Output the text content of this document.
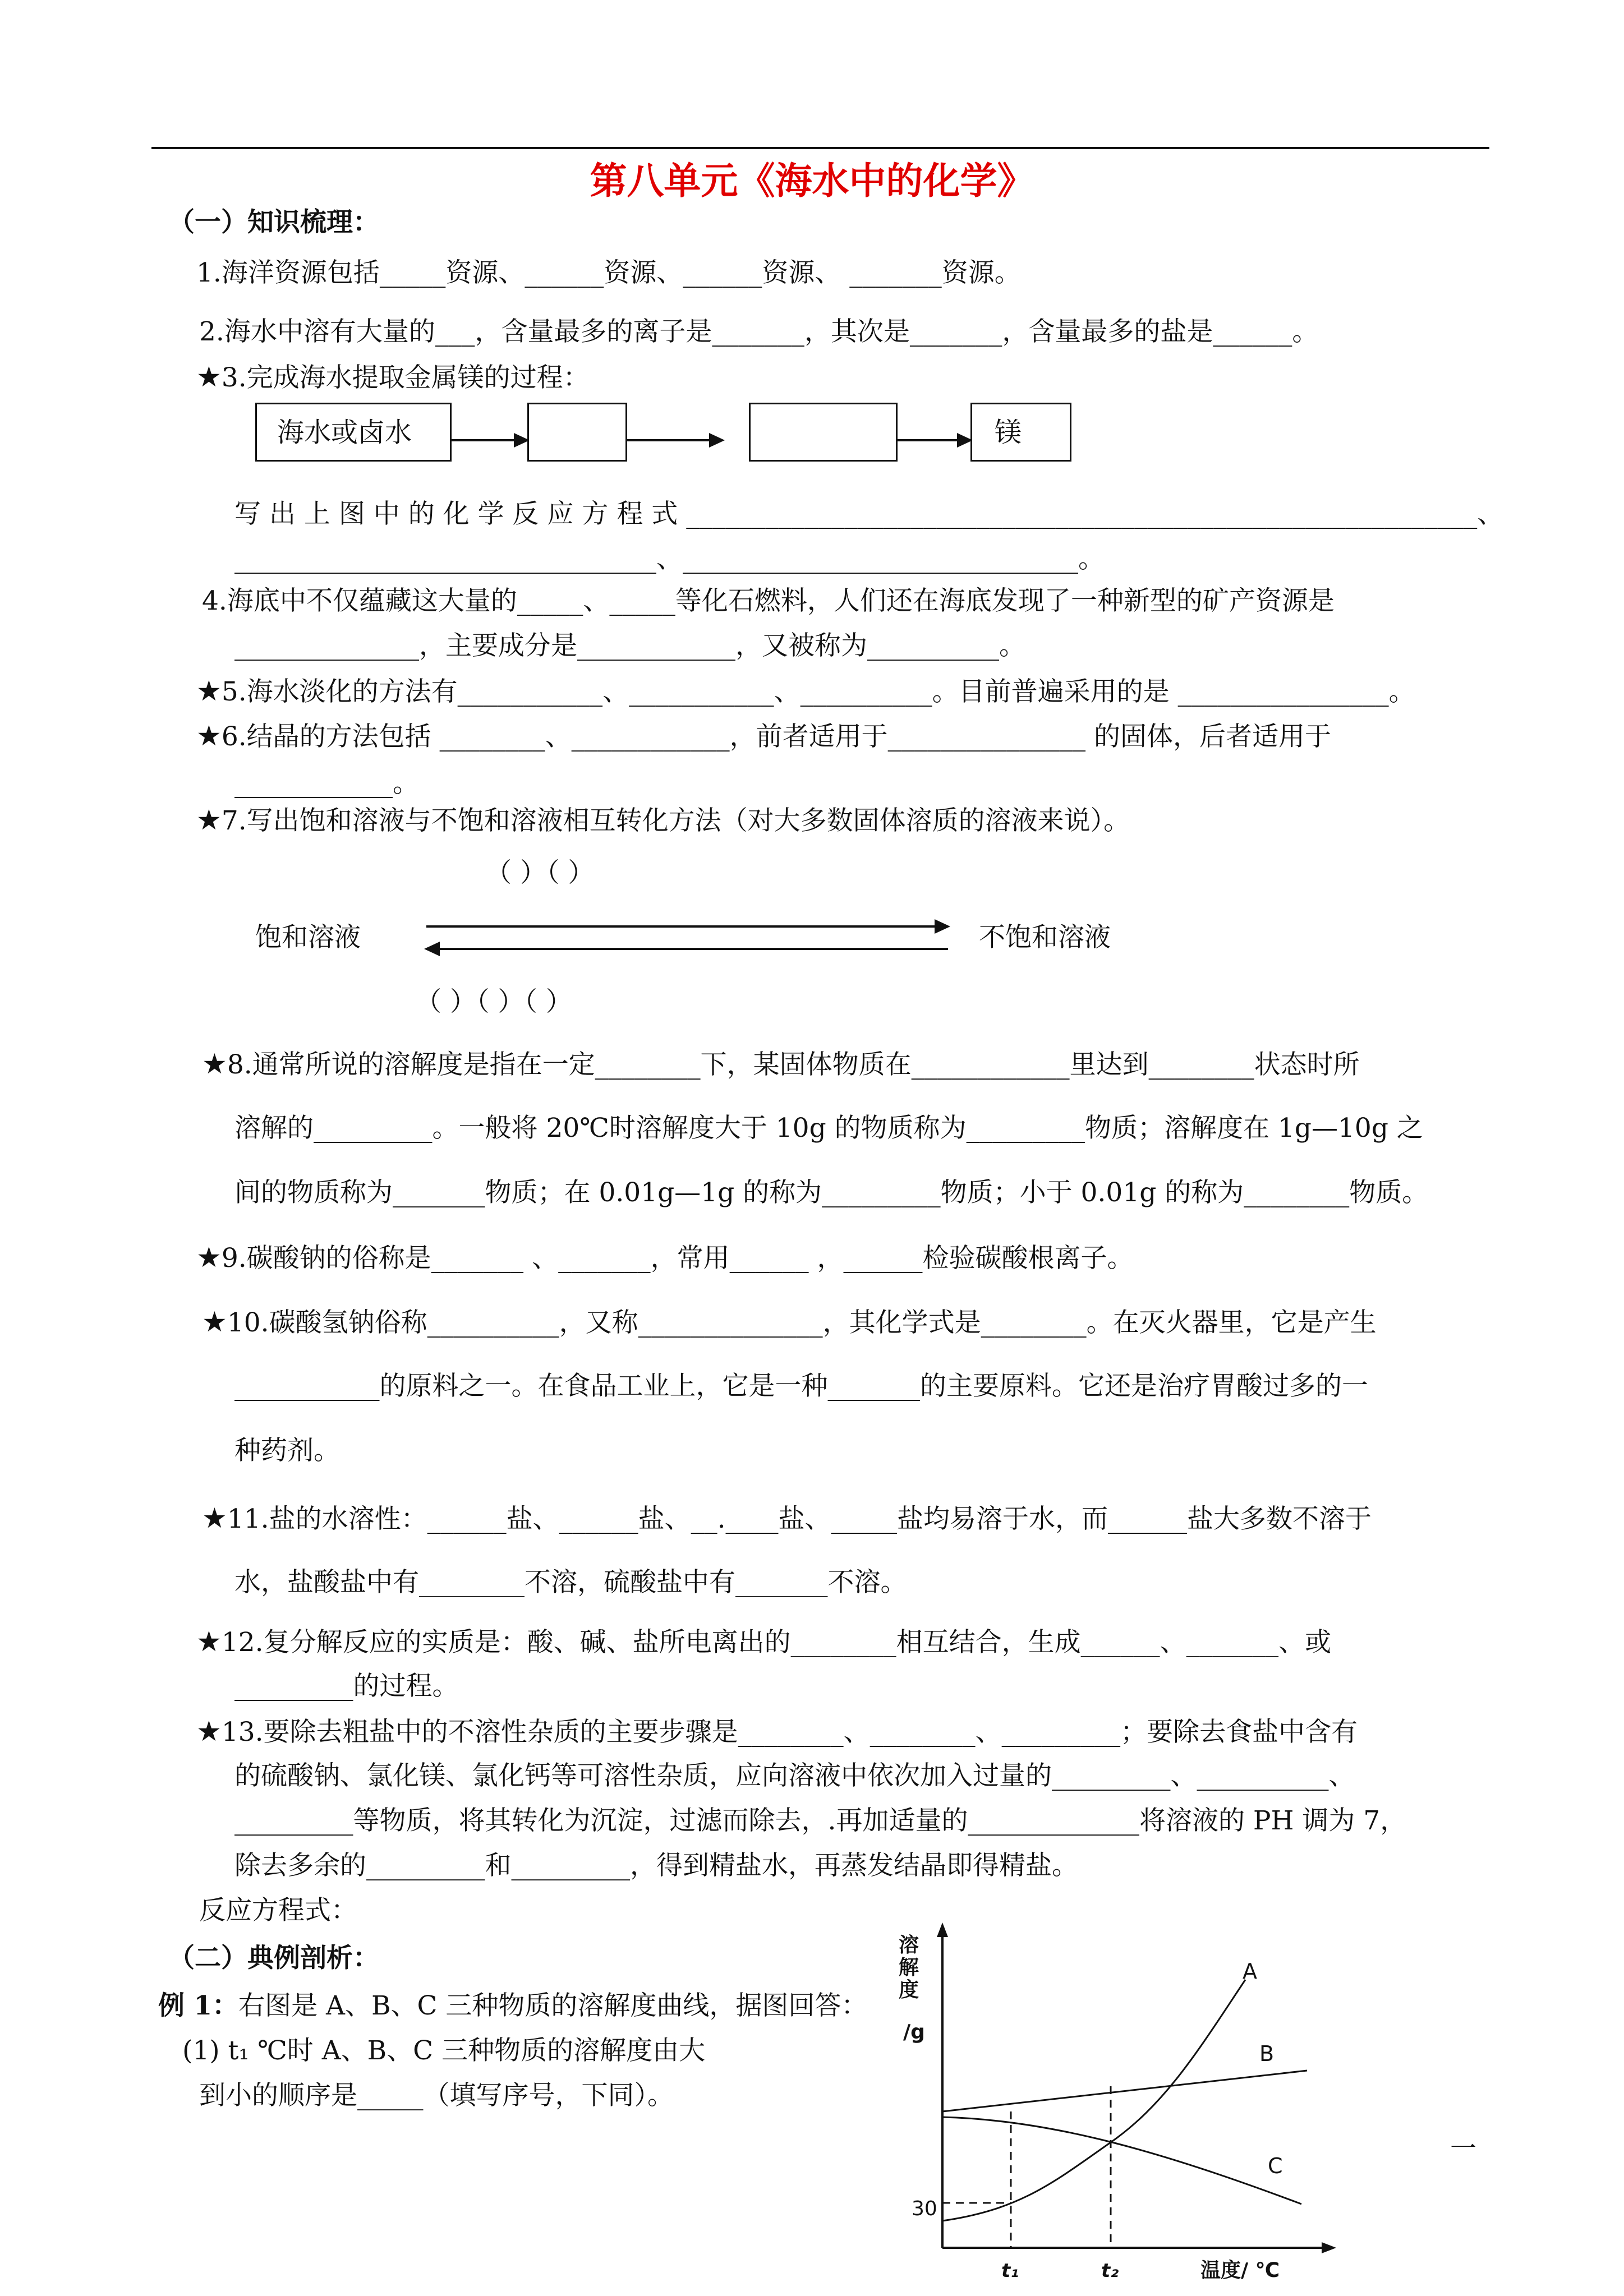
第八单元《海水中的化学》
（一）知识梳理：
1.海洋资源包括_____资源、______资源、______资源、 _______资源。
2.海水中溶有大量的___，含量最多的离子是_______，其次是_______，含量最多的盐是______。
★3.完成海水提取金属镁的过程：
海水或卤水	镁
写 出 上 图 中 的 化 学 反 应 方 程 式 ____________________________________________________________、
________________________________、______________________________。
4.海底中不仅蕴藏这大量的_____、_____等化石燃料，人们还在海底发现了一种新型的矿产资源是
______________，主要成分是____________，又被称为__________。
★5.海水淡化的方法有___________、___________、__________。目前普遍采用的是 ________________。
★6.结晶的方法包括 ________、____________，前者适用于_______________ 的固体，后者适用于
____________。
★7.写出饱和溶液与不饱和溶液相互转化方法（对大多数固体溶质的溶液来说）。
（ ）（ ）
饱和溶液	不饱和溶液
（ ）（ ）（ ）
★8.通常所说的溶解度是指在一定________下，某固体物质在____________里达到________状态时所
溶解的_________。一般将 20℃时溶解度大于 10g 的物质称为_________物质；溶解度在 1g—10g 之
间的物质称为_______物质；在 0.01g—1g 的称为_________物质；小于 0.01g 的称为________物质。
★9.碳酸钠的俗称是_______ 、_______，常用______ ，______检验碳酸根离子。
★10.碳酸氢钠俗称__________，又称______________，其化学式是________。在灭火器里，它是产生
___________的原料之一。在食品工业上，它是一种_______的主要原料。它还是治疗胃酸过多的一
种药剂。
★11.盐的水溶性：______盐、______盐、__.____盐、_____盐均易溶于水，而______盐大多数不溶于
水，盐酸盐中有________不溶，硫酸盐中有_______不溶。
★12.复分解反应的实质是：酸、碱、盐所电离出的________相互结合，生成______、_______、或
_________的过程。
★13.要除去粗盐中的不溶性杂质的主要步骤是________、________、_________；要除去食盐中含有
的硫酸钠、氯化镁、氯化钙等可溶性杂质，应向溶液中依次加入过量的_________、__________、
_________等物质，将其转化为沉淀，过滤而除去，.再加适量的_____________将溶液的 PH 调为 7，
除去多余的_________和_________，得到精盐水，再蒸发结晶即得精盐。
反应方程式：
（二）典例剖析：
例 1：右图是 A、B、C 三种物质的溶解度曲线，据图回答：
(1) t₁ ℃时 A、B、C 三种物质的溶解度由大
到小的顺序是_____（填写序号，下同）。
一
溶 解 度 /g
A
B
C
30
t₁	t₂	温度/ ℃
